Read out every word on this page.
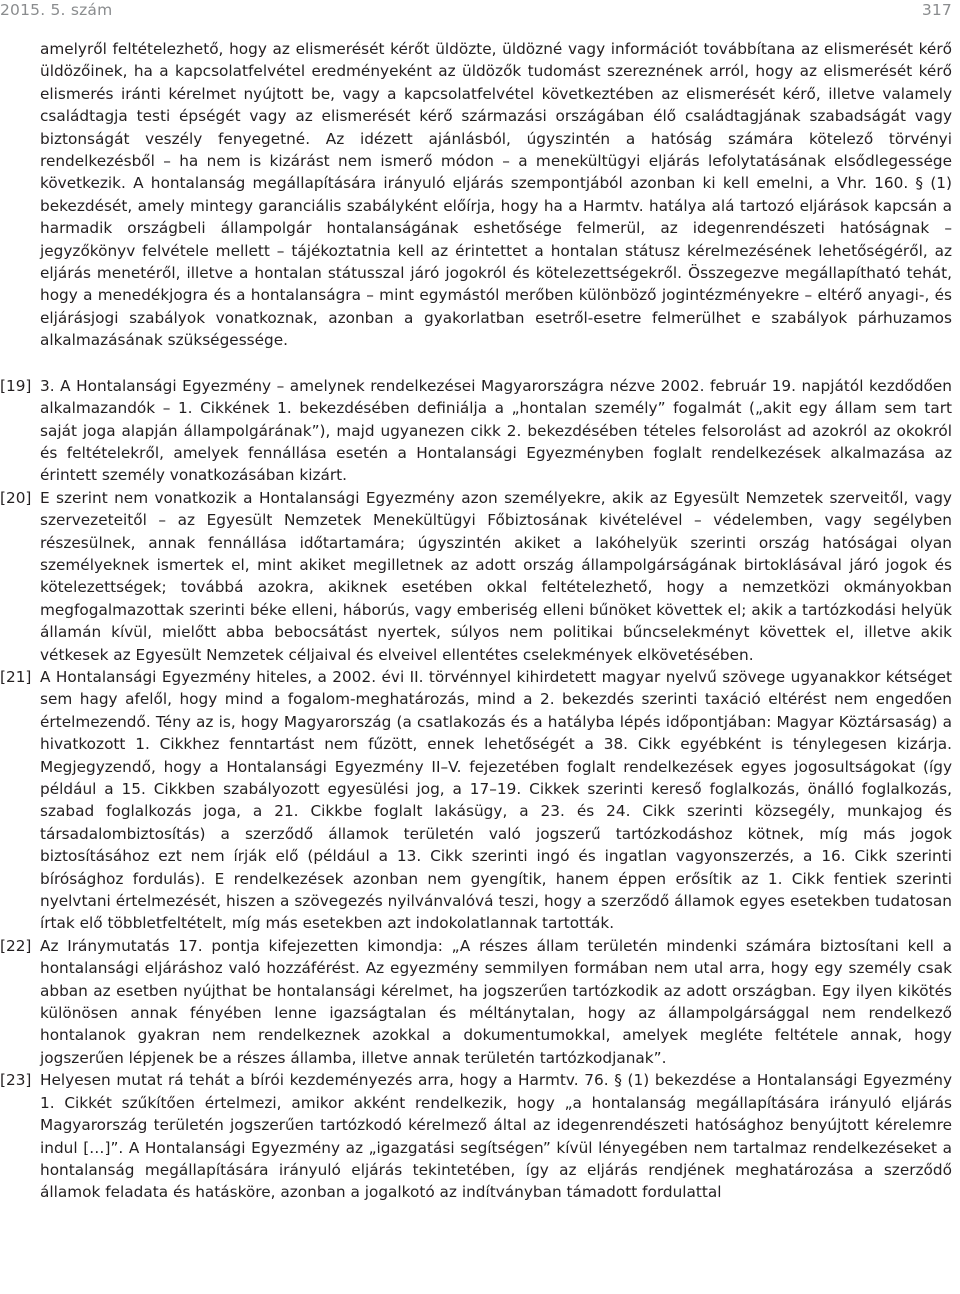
2015. 5. szám	317

amelyről feltételezhető, hogy az elismerését kérőt üldözte, üldözné vagy információt továbbítana az elismerését kérő üldözőinek, ha a kapcsolatfelvétel eredményeként az üldözők tudomást szereznének arról, hogy az elismerését kérő elismerés iránti kérelmet nyújtott be, vagy a kapcsolatfelvétel következtében az elismerését kérő, illetve valamely családtagja testi épségét vagy az elismerését kérő származási országában élő családtagjának szabadságát vagy biztonságát veszély fenyegetné. Az idézett ajánlásból, úgyszintén a hatóság számára kötelező törvényi rendelkezésből – ha nem is kizárást nem ismerő módon – a menekültügyi eljárás lefolytatásának elsődlegessége következik. A hontalanság megállapítására irányuló eljárás szempontjából azonban ki kell emelni, a Vhr. 160. § (1) bekezdését, amely mintegy garanciális szabályként előírja, hogy ha a Harmtv. hatálya alá tartozó eljárások kapcsán a harmadik országbeli állampolgár hontalanságának eshetősége felmerül, az idegenrendészeti hatóságnak – jegyzőkönyv felvétele mellett – tájékoztatnia kell az érintettet a hontalan státusz kérelmezésének lehetőségéről, az eljárás menetéről, illetve a hontalan státusszal járó jogokról és kötelezettségekről. Összegezve megállapítható tehát, hogy a menedékjogra és a hontalanságra – mint egymástól merőben különböző jogintézményekre – eltérő anyagi-, és eljárásjogi szabályok vonatkoznak, azonban a gyakorlatban esetről-esetre felmerülhet e szabályok párhuzamos alkalmazásának szükségessége.

[19] 3. A Hontalansági Egyezmény – amelynek rendelkezései Magyarországra nézve 2002. február 19. napjától kezdődően alkalmazandók – 1. Cikkének 1. bekezdésében definiálja a „hontalan személy” fogalmát („akit egy állam sem tart saját joga alapján állampolgárának”), majd ugyanezen cikk 2. bekezdésében tételes felsorolást ad azokról az okokról és feltételekről, amelyek fennállása esetén a Hontalansági Egyezményben foglalt rendelkezések alkalmazása az érintett személy vonatkozásában kizárt.
[20] E szerint nem vonatkozik a Hontalansági Egyezmény azon személyekre, akik az Egyesült Nemzetek szerveitől, vagy szervezeteitől – az Egyesült Nemzetek Menekültügyi Főbiztosának kivételével – védelemben, vagy segélyben részesülnek, annak fennállása időtartamára; úgyszintén akiket a lakóhelyük szerinti ország hatóságai olyan személyeknek ismertek el, mint akiket megilletnek az adott ország állampolgárságának birtoklásával járó jogok és kötelezettségek; továbbá azokra, akiknek esetében okkal feltételezhető, hogy a nemzetközi okmányokban megfogalmazottak szerinti béke elleni, háborús, vagy emberiség elleni bűnöket követtek el; akik a tartózkodási helyük államán kívül, mielőtt abba bebocsátást nyertek, súlyos nem politikai bűncselekményt követtek el, illetve akik vétkesek az Egyesült Nemzetek céljaival és elveivel ellentétes cselekmények elkövetésében.
[21] A Hontalansági Egyezmény hiteles, a 2002. évi II. törvénnyel kihirdetett magyar nyelvű szövege ugyanakkor kétséget sem hagy afelől, hogy mind a fogalom-meghatározás, mind a 2. bekezdés szerinti taxáció eltérést nem engedően értelmezendő. Tény az is, hogy Magyarország (a csatlakozás és a hatályba lépés időpontjában: Magyar Köztársaság) a hivatkozott 1. Cikkhez fenntartást nem fűzött, ennek lehetőségét a 38. Cikk egyébként is ténylegesen kizárja. Megjegyzendő, hogy a Hontalansági Egyezmény II–V. fejezetében foglalt rendelkezések egyes jogosultságokat (így például a 15. Cikkben szabályozott egyesülési jog, a 17–19. Cikkek szerinti kereső foglalkozás, önálló foglalkozás, szabad foglalkozás joga, a 21. Cikkbe foglalt lakásügy, a 23. és 24. Cikk szerinti közsegély, munkajog és társadalombiztosítás) a szerződő államok területén való jogszerű tartózkodáshoz kötnek, míg más jogok biztosításához ezt nem írják elő (például a 13. Cikk szerinti ingó és ingatlan vagyonszerzés, a 16. Cikk szerinti bírósághoz fordulás). E rendelkezések azonban nem gyengítik, hanem éppen erősítik az 1. Cikk fentiek szerinti nyelvtani értelmezését, hiszen a szövegezés nyilvánvalóvá teszi, hogy a szerződő államok egyes esetekben tudatosan írtak elő többletfeltételt, míg más esetekben azt indokolatlannak tartották.
[22] Az Iránymutatás 17. pontja kifejezetten kimondja: „A részes állam területén mindenki számára biztosítani kell a hontalansági eljáráshoz való hozzáférést. Az egyezmény semmilyen formában nem utal arra, hogy egy személy csak abban az esetben nyújthat be hontalansági kérelmet, ha jogszerűen tartózkodik az adott országban. Egy ilyen kikötés különösen annak fényében lenne igazságtalan és méltánytalan, hogy az állampolgársággal nem rendelkező hontalanok gyakran nem rendelkeznek azokkal a dokumentumokkal, amelyek megléte feltétele annak, hogy jogszerűen lépjenek be a részes államba, illetve annak területén tartózkodjanak”.
[23] Helyesen mutat rá tehát a bírói kezdeményezés arra, hogy a Harmtv. 76. § (1) bekezdése a Hontalansági Egyezmény 1. Cikkét szűkítően értelmezi, amikor akként rendelkezik, hogy „a hontalanság megállapítására irányuló eljárás Magyarország területén jogszerűen tartózkodó kérelmező által az idegenrendészeti hatósághoz benyújtott kérelemre indul […]”. A Hontalansági Egyezmény az „igazgatási segítségen” kívül lényegében nem tartalmaz rendelkezéseket a hontalanság megállapítására irányuló eljárás tekintetében, így az eljárás rendjének meghatározása a szerződő államok feladata és hatásköre, azonban a jogalkotó az indítványban támadott fordulattal
